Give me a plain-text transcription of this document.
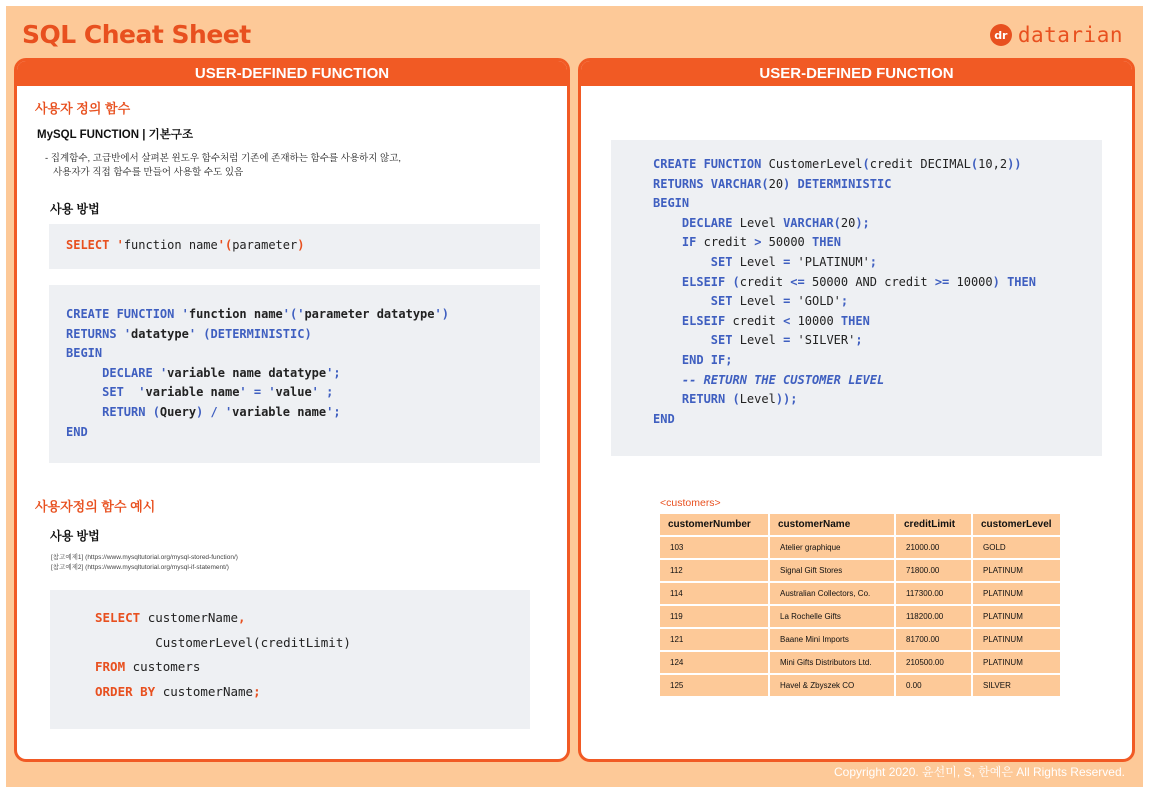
SQL Cheat Sheet	dr datarian
USER-DEFINED FUNCTION
사용자 정의 함수
MySQL FUNCTION | 기본구조
- 집계함수, 고급반에서 살펴본 윈도우 함수처럼 기존에 존재하는 함수를 사용하지 않고,
사용자가 직접 함수를 만들어 사용할 수도 있음
사용 방법
SELECT 'function name'(parameter)
CREATE FUNCTION 'function name'('parameter datatype')
RETURNS 'datatype' (DETERMINISTIC)
BEGIN
DECLARE 'variable name datatype';
SET 'variable name' = 'value' ;
RETURN (Query) / 'variable name';
END
사용자정의 함수 예시
사용 방법
[참고예제1] (https://www.mysqltutorial.org/mysql-stored-function/)
[참고예제2] (https://www.mysqltutorial.org/mysql-if-statement/)
SELECT customerName,
CustomerLevel(creditLimit)
FROM customers
ORDER BY customerName;
USER-DEFINED FUNCTION
CREATE FUNCTION CustomerLevel(credit DECIMAL(10,2))
RETURNS VARCHAR(20) DETERMINISTIC
BEGIN
DECLARE Level VARCHAR(20);
IF credit > 50000 THEN
SET Level = 'PLATINUM';
ELSEIF (credit <= 50000 AND credit >= 10000) THEN
SET Level = 'GOLD';
ELSEIF credit < 10000 THEN
SET Level = 'SILVER';
END IF;
-- RETURN THE CUSTOMER LEVEL
RETURN (Level));
END
<customers>
customerNumber	customerName	creditLimit	customerLevel
103	Atelier graphique	21000.00	GOLD
112	Signal Gift Stores	71800.00	PLATINUM
114	Australian Collectors, Co.	117300.00	PLATINUM
119	La Rochelle Gifts	118200.00	PLATINUM
121	Baane Mini Imports	81700.00	PLATINUM
124	Mini Gifts Distributors Ltd.	210500.00	PLATINUM
125	Havel & Zbyszek CO	0.00	SILVER
Copyright 2020. 윤선미, S, 한예은 All Rights Reserved.
